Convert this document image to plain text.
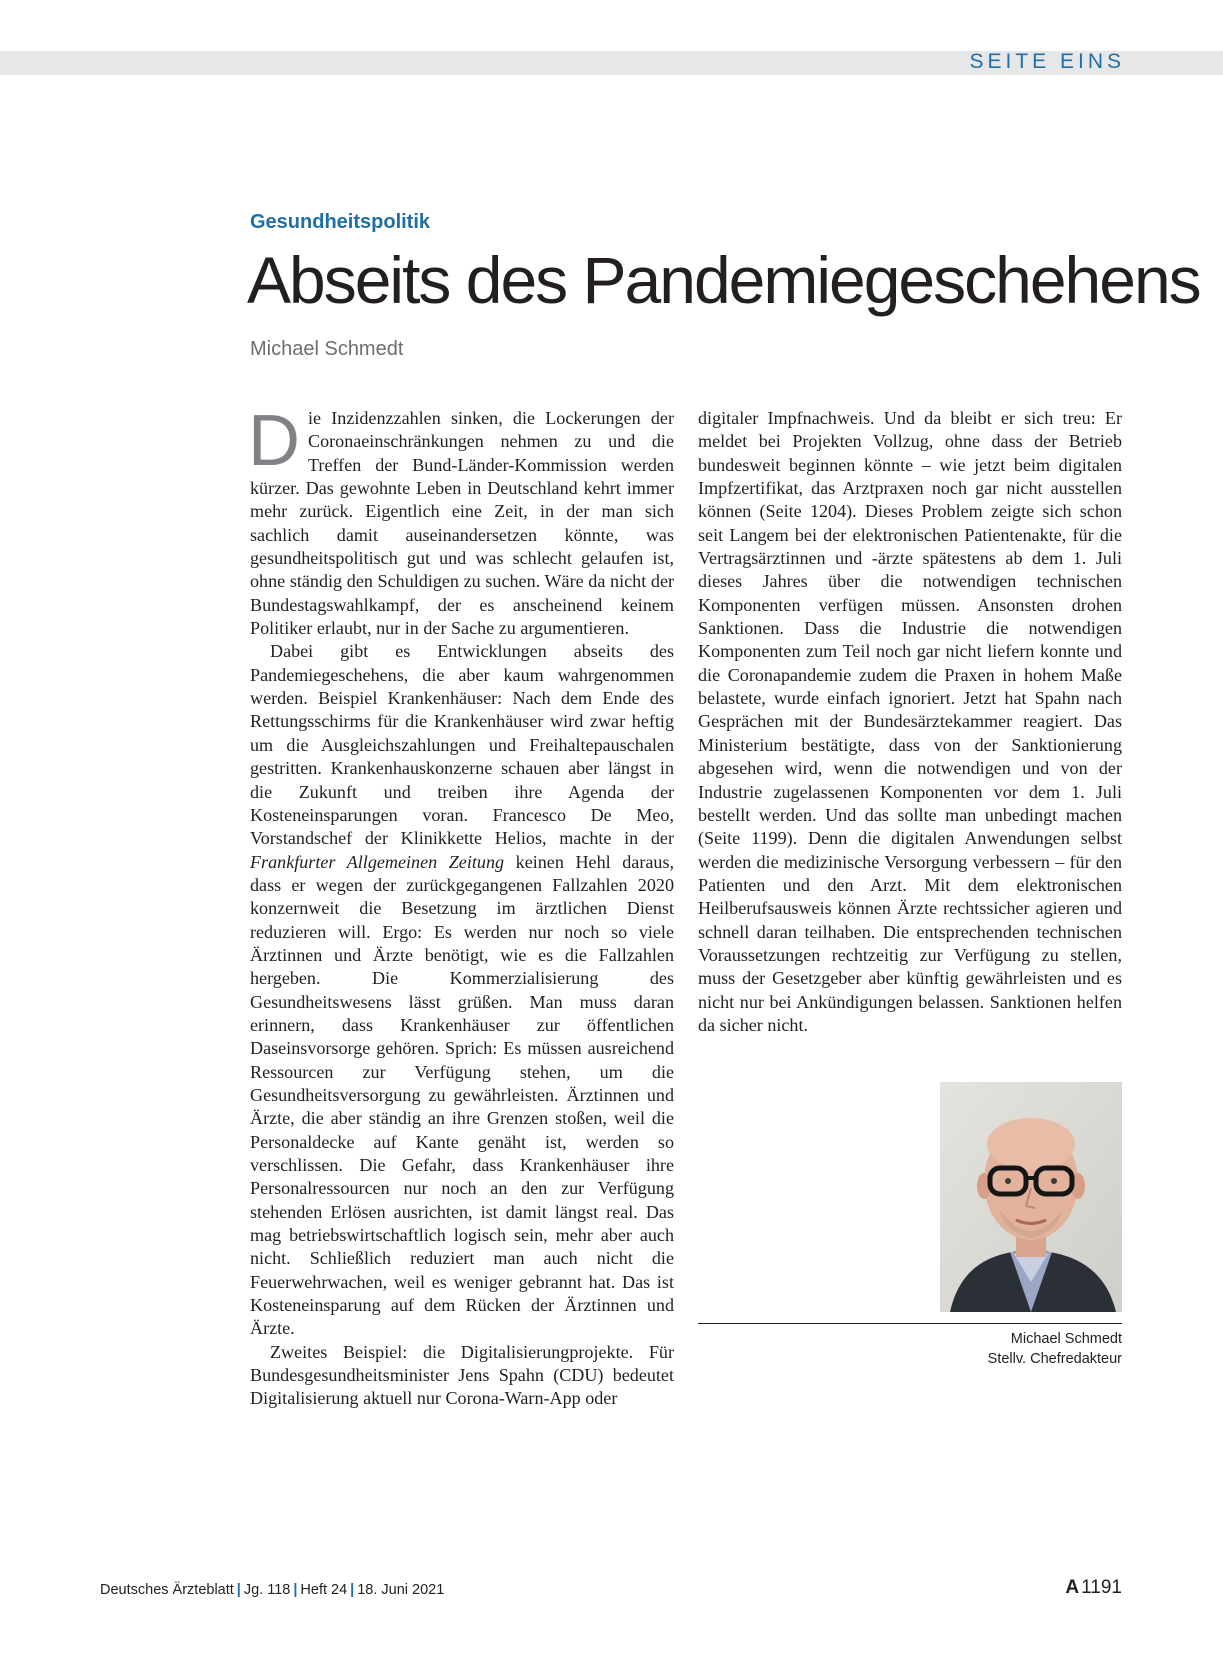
SEITE EINS
Gesundheitspolitik
Abseits des Pandemiegeschehens
Michael Schmedt

Die Inzidenzzahlen sinken, die Lockerungen der Coronaeinschränkungen nehmen zu und die Treffen der Bund-Länder-Kommission werden kürzer. Das gewohnte Leben in Deutschland kehrt immer mehr zurück. Eigentlich eine Zeit, in der man sich sachlich damit auseinandersetzen könnte, was gesundheitspolitisch gut und was schlecht gelaufen ist, ohne ständig den Schuldigen zu suchen. Wäre da nicht der Bundestagswahlkampf, der es anscheinend keinem Politiker erlaubt, nur in der Sache zu argumentieren.

Dabei gibt es Entwicklungen abseits des Pandemiegeschehens, die aber kaum wahrgenommen werden. Beispiel Krankenhäuser: Nach dem Ende des Rettungsschirms für die Krankenhäuser wird zwar heftig um die Ausgleichszahlungen und Freihaltepauschalen gestritten. Krankenhauskonzerne schauen aber längst in die Zukunft und treiben ihre Agenda der Kosteneinsparungen voran. Francesco De Meo, Vorstandschef der Klinikkette Helios, machte in der Frankfurter Allgemeinen Zeitung keinen Hehl daraus, dass er wegen der zurückgegangenen Fallzahlen 2020 konzernweit die Besetzung im ärztlichen Dienst reduzieren will. Ergo: Es werden nur noch so viele Ärztinnen und Ärzte benötigt, wie es die Fallzahlen hergeben. Die Kommerzialisierung des Gesundheitswesens lässt grüßen. Man muss daran erinnern, dass Krankenhäuser zur öffentlichen Daseinsvorsorge gehören. Sprich: Es müssen ausreichend Ressourcen zur Verfügung stehen, um die Gesundheitsversorgung zu gewährleisten. Ärztinnen und Ärzte, die aber ständig an ihre Grenzen stoßen, weil die Personaldecke auf Kante genäht ist, werden so verschlissen. Die Gefahr, dass Krankenhäuser ihre Personalressourcen nur noch an den zur Verfügung stehenden Erlösen ausrichten, ist damit längst real. Das mag betriebswirtschaftlich logisch sein, mehr aber auch nicht. Schließlich reduziert man auch nicht die Feuerwehrwachen, weil es weniger gebrannt hat. Das ist Kosteneinsparung auf dem Rücken der Ärztinnen und Ärzte.

Zweites Beispiel: die Digitalisierungprojekte. Für Bundesgesundheitsminister Jens Spahn (CDU) bedeutet Digitalisierung aktuell nur Corona-Warn-App oder

digitaler Impfnachweis. Und da bleibt er sich treu: Er meldet bei Projekten Vollzug, ohne dass der Betrieb bundesweit beginnen könnte – wie jetzt beim digitalen Impfzertifikat, das Arztpraxen noch gar nicht ausstellen können (Seite 1204). Dieses Problem zeigte sich schon seit Langem bei der elektronischen Patientenakte, für die Vertragsärztinnen und -ärzte spätestens ab dem 1. Juli dieses Jahres über die notwendigen technischen Komponenten verfügen müssen. Ansonsten drohen Sanktionen. Dass die Industrie die notwendigen Komponenten zum Teil noch gar nicht liefern konnte und die Coronapandemie zudem die Praxen in hohem Maße belastete, wurde einfach ignoriert. Jetzt hat Spahn nach Gesprächen mit der Bundesärztekammer reagiert. Das Ministerium bestätigte, dass von der Sanktionierung abgesehen wird, wenn die notwendigen und von der Industrie zugelassenen Komponenten vor dem 1. Juli bestellt werden. Und das sollte man unbedingt machen (Seite 1199). Denn die digitalen Anwendungen selbst werden die medizinische Versorgung verbessern – für den Patienten und den Arzt. Mit dem elektronischen Heilberufsausweis können Ärzte rechtssicher agieren und schnell daran teilhaben. Die entsprechenden technischen Voraussetzungen rechtzeitig zur Verfügung zu stellen, muss der Gesetzgeber aber künftig gewährleisten und es nicht nur bei Ankündigungen belassen. Sanktionen helfen da sicher nicht.

Michael Schmedt
Stellv. Chefredakteur
Deutsches Ärzteblatt | Jg. 118 | Heft 24 | 18. Juni 2021	A 1191
